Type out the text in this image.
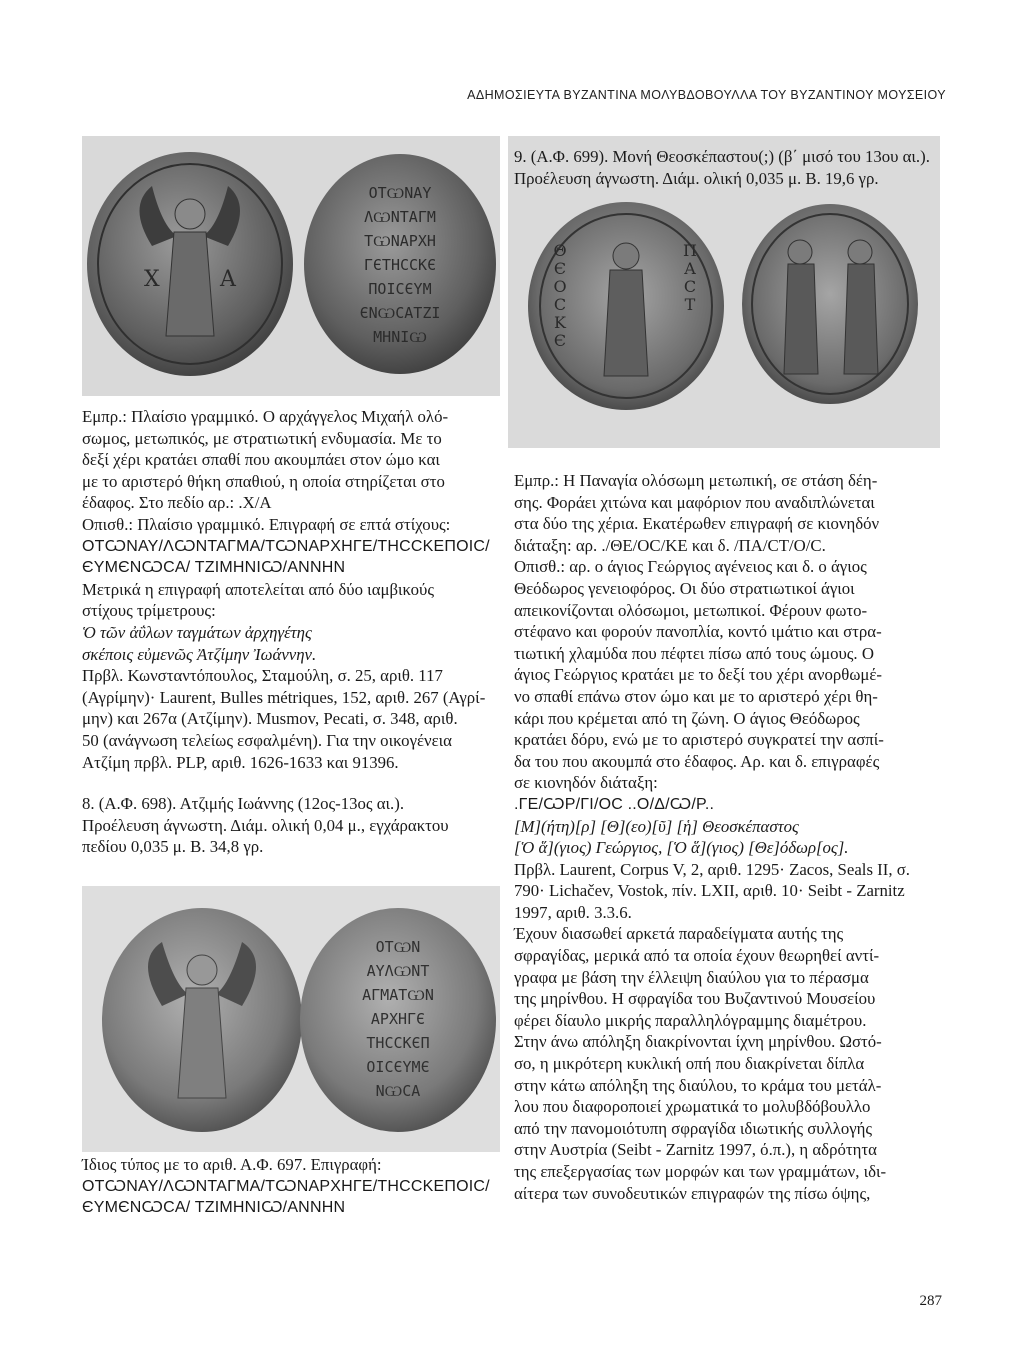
ΑΔΗΜΟΣΙΕΥΤΑ ΒΥΖΑΝΤΙΝΑ ΜΟΛΥΒΔΟΒΟΥΛΛΑ ΤΟΥ ΒΥΖΑΝΤΙΝΟΥ ΜΟΥΣΕΙΟΥ
Χ	Α
ΟΤѠΝΑΥ
ΛѠΝΤΑΓΜ
ΤѠΝΑΡΧΗ
ΓЄΤΗCCΚЄ
ΠΟΙCЄΥΜ
ЄΝѠCΑΤΖΙ
ΜΗΝΙѠ
Θ
Є
Ο
C
Κ
Є
Π
Α
C
Τ
ΟΤѠΝ
ΑΥΛѠΝΤ
ΑΓΜΑΤѠΝ
ΑΡΧΗΓЄ
ΤΗCCΚЄΠ
ΟΙCЄΥΜЄ
ΝѠCΑ

Εμπρ.: Πλαίσιο γραμμικό. Ο αρχάγγελος Μιχαήλ ολό-

σωμος, μετωπικός, με στρατιωτική ενδυμασία. Με το

δεξί χέρι κρατάει σπαθί που ακουμπάει στον ώμο και

με το αριστερό θήκη σπαθιού, η οποία στηρίζεται στο

έδαφος. Στο πεδίο αρ.: .Χ/Α

Οπισθ.: Πλαίσιο γραμμικό. Επιγραφή σε επτά στίχους:

ΟΤѠΝΑΥ/ΛѠΝΤΑΓΜΑ/ΤѠΝΑΡΧΗΓΕ/ΤΗCCΚΕΠΟΙC/

ЄΥΜЄΝѠCΑ/ ΤΖΙΜΗΝΙѠ/ΑΝΝΗΝ

Μετρικά η επιγραφή αποτελείται από δύο ιαμβικούς

στίχους τρίμετρους:

Ὁ τῶν ἀΰλων ταγμάτων ἀρχηγέτης

σκέποις εὐμενῶς Ἀτζίμην Ἰωάννην.

Πρβλ. Κωνσταντόπουλος, Σταμούλη, σ. 25, αριθ. 117

(Αγρίμην)· Laurent, Bulles métriques, 152, αριθ. 267 (Αγρί-

μην) και 267α (Ατζίμην). Musmov, Pecati, σ. 348, αριθ.

50 (ανάγνωση τελείως εσφαλμένη). Για την οικογένεια

Ατζίμη πρβλ. PLP, αριθ. 1626-1633 και 91396.

8. (Α.Φ. 698). Ατζιμής Ιωάννης (12ος-13ος αι.).

Προέλευση άγνωστη. Διάμ. ολική 0,04 μ., εγχάρακτου

πεδίου 0,035 μ. Β. 34,8 γρ.

Ίδιος τύπος με το αριθ. Α.Φ. 697. Επιγραφή:

ΟΤѠΝΑΥ/ΛѠΝΤΑΓΜΑ/ΤѠΝΑΡΧΗΓΕ/ΤΗCCΚΕΠΟΙC/

ЄΥΜЄΝѠCΑ/ ΤΖΙΜΗΝΙѠ/ΑΝΝΗΝ

9. (Α.Φ. 699). Μονή Θεοσκέπαστου(;) (β΄ μισό του 13ου αι.).

Προέλευση άγνωστη. Διάμ. ολική 0,035 μ. Β. 19,6 γρ.

Εμπρ.: Η Παναγία ολόσωμη μετωπική, σε στάση δέη-

σης. Φοράει χιτώνα και μαφόριον που αναδιπλώνεται

στα δύο της χέρια. Εκατέρωθεν επιγραφή σε κιονηδόν

διάταξη: αρ. ./ΘΕ/ΟC/ΚΕ και δ. /ΠΑ/CΤ/Ο/C.

Οπισθ.: αρ. ο άγιος Γεώργιος αγένειος και δ. ο άγιος

Θεόδωρος γενειοφόρος. Οι δύο στρατιωτικοί άγιοι

απεικονίζονται ολόσωμοι, μετωπικοί. Φέρουν φωτο-

στέφανο και φορούν πανοπλία, κοντό ιμάτιο και στρα-

τιωτική χλαμύδα που πέφτει πίσω από τους ώμους. Ο

άγιος Γεώργιος κρατάει με το δεξί του χέρι ανορθωμέ-

νο σπαθί επάνω στον ώμο και με το αριστερό χέρι θη-

κάρι που κρέμεται από τη ζώνη. Ο άγιος Θεόδωρος

κρατάει δόρυ, ενώ με το αριστερό συγκρατεί την ασπί-

δα του που ακουμπά στο έδαφος. Αρ. και δ. επιγραφές

σε κιονηδόν διάταξη:

.ΓΕ/ѠΡ/ΓΙ/ΟC ..Ο/Δ/Ѡ/Ρ..

[Μ](ήτη)[ρ] [Θ](εο)[ῦ] [ἡ] Θεοσκέπαστος

[Ὁ ἅ](γιος) Γεώργιος, [Ὁ ἅ](γιος) [Θε]όδωρ[ος].

Πρβλ. Laurent, Corpus V, 2, αριθ. 1295· Zacos, Seals II, σ.

790· Lichačev, Vostok, πίν. LXII, αριθ. 10· Seibt - Zarnitz

1997, αριθ. 3.3.6.

Έχουν διασωθεί αρκετά παραδείγματα αυτής της

σφραγίδας, μερικά από τα οποία έχουν θεωρηθεί αντί-

γραφα με βάση την έλλειψη διαύλου για το πέρασμα

της μηρίνθου. Η σφραγίδα του Βυζαντινού Μουσείου

φέρει δίαυλο μικρής παραλληλόγραμμης διαμέτρου.

Στην άνω απόληξη διακρίνονται ίχνη μηρίνθου. Ωστό-

σο, η μικρότερη κυκλική οπή που διακρίνεται δίπλα

στην κάτω απόληξη της διαύλου, το κράμα του μετάλ-

λου που διαφοροποιεί χρωματικά το μολυβδόβουλλο

από την πανομοιότυπη σφραγίδα ιδιωτικής συλλογής

στην Αυστρία (Seibt - Zarnitz 1997, ό.π.), η αδρότητα

της επεξεργασίας των μορφών και των γραμμάτων, ιδι-

αίτερα των συνοδευτικών επιγραφών της πίσω όψης,

287
